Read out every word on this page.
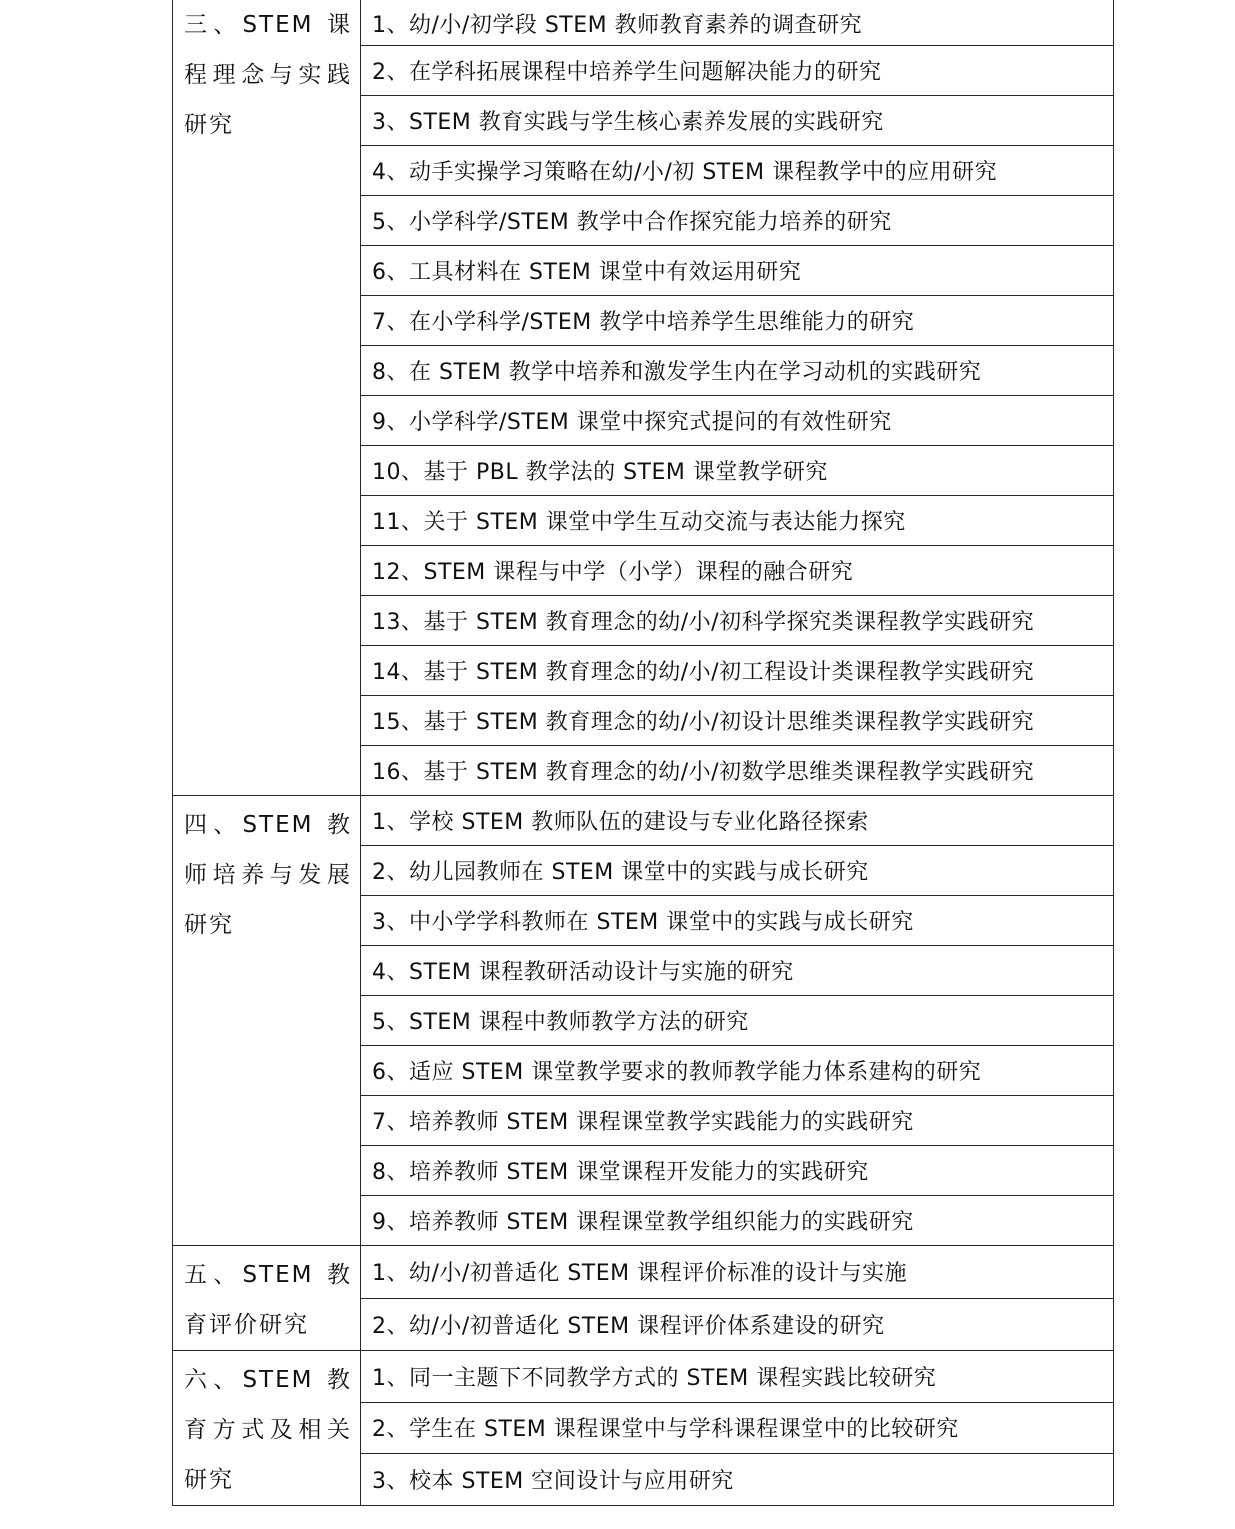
三、STEM 课程理念与实践研究	1、幼/小/初学段 STEM 教师教育素养的调查研究
	2、在学科拓展课程中培养学生问题解决能力的研究
	3、STEM 教育实践与学生核心素养发展的实践研究
	4、动手实操学习策略在幼/小/初 STEM 课程教学中的应用研究
	5、小学科学/STEM 教学中合作探究能力培养的研究
	6、工具材料在 STEM 课堂中有效运用研究
	7、在小学科学/STEM 教学中培养学生思维能力的研究
	8、在 STEM 教学中培养和激发学生内在学习动机的实践研究
	9、小学科学/STEM 课堂中探究式提问的有效性研究
	10、基于 PBL 教学法的 STEM 课堂教学研究
	11、关于 STEM 课堂中学生互动交流与表达能力探究
	12、STEM 课程与中学（小学）课程的融合研究
	13、基于 STEM 教育理念的幼/小/初科学探究类课程教学实践研究
	14、基于 STEM 教育理念的幼/小/初工程设计类课程教学实践研究
	15、基于 STEM 教育理念的幼/小/初设计思维类课程教学实践研究
	16、基于 STEM 教育理念的幼/小/初数学思维类课程教学实践研究
四、STEM 教师培养与发展研究	1、学校 STEM 教师队伍的建设与专业化路径探索
	2、幼儿园教师在 STEM 课堂中的实践与成长研究
	3、中小学学科教师在 STEM 课堂中的实践与成长研究
	4、STEM 课程教研活动设计与实施的研究
	5、STEM 课程中教师教学方法的研究
	6、适应 STEM 课堂教学要求的教师教学能力体系建构的研究
	7、培养教师 STEM 课程课堂教学实践能力的实践研究
	8、培养教师 STEM 课堂课程开发能力的实践研究
	9、培养教师 STEM 课程课堂教学组织能力的实践研究
五、STEM 教育评价研究	1、幼/小/初普适化 STEM 课程评价标准的设计与实施
	2、幼/小/初普适化 STEM 课程评价体系建设的研究
六、STEM 教育方式及相关研究	1、同一主题下不同教学方式的 STEM 课程实践比较研究
	2、学生在 STEM 课程课堂中与学科课程课堂中的比较研究
	3、校本 STEM 空间设计与应用研究
